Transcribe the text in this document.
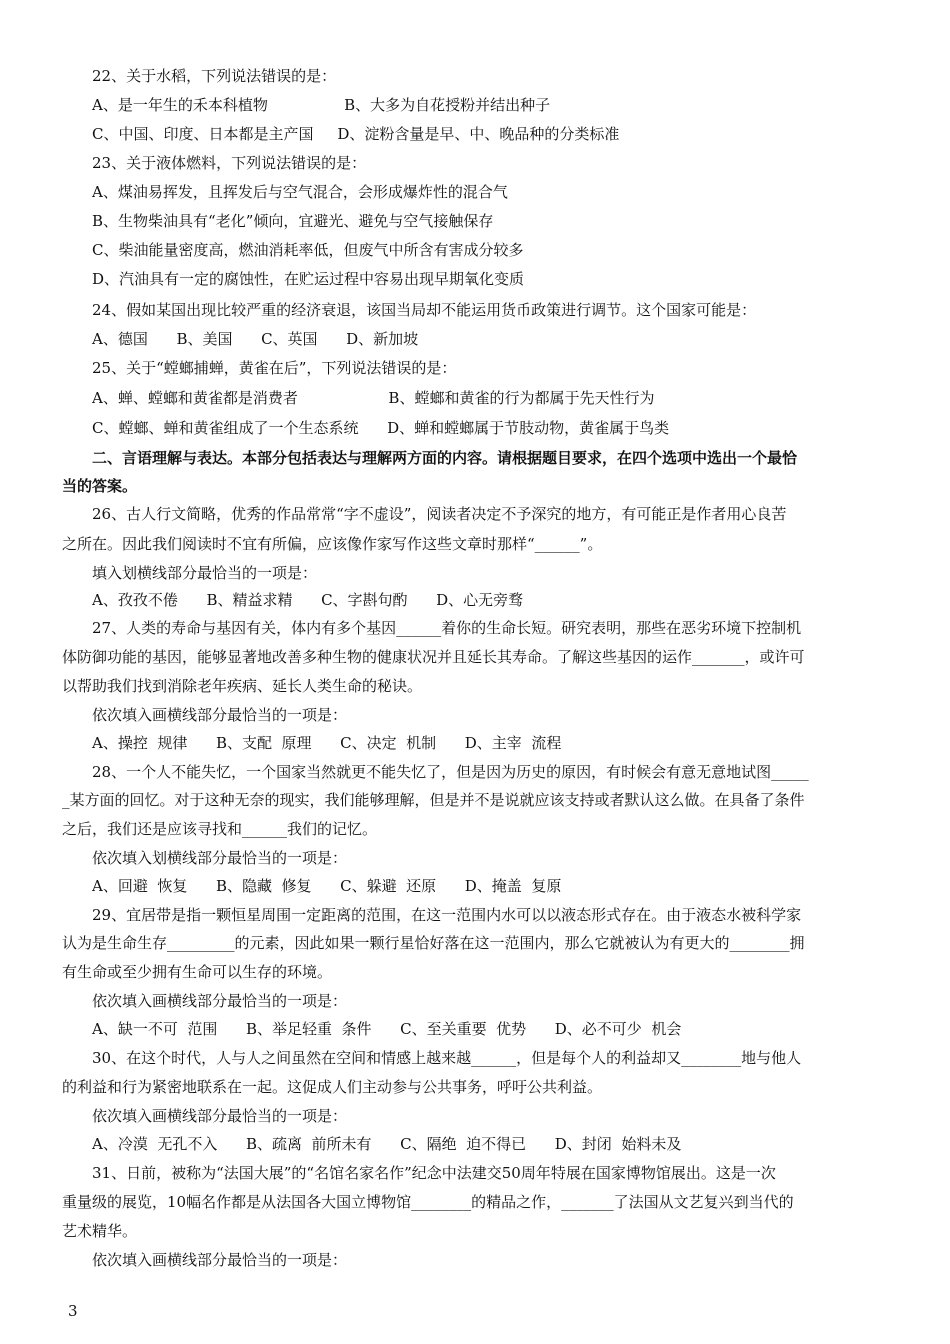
22、关于水稻，下列说法错误的是：
A、是一年生的禾本科植物                B、大多为自花授粉并结出种子
C、中国、印度、日本都是主产国     D、淀粉含量是早、中、晚品种的分类标准
23、关于液体燃料，下列说法错误的是：
A、煤油易挥发，且挥发后与空气混合，会形成爆炸性的混合气
B、生物柴油具有“老化”倾向，宜避光、避免与空气接触保存
C、柴油能量密度高，燃油消耗率低，但废气中所含有害成分较多
D、汽油具有一定的腐蚀性，在贮运过程中容易出现早期氧化变质
24、假如某国出现比较严重的经济衰退，该国当局却不能运用货币政策进行调节。这个国家可能是：
A、德国      B、美国      C、英国      D、新加坡
25、关于“螳螂捕蝉，黄雀在后”，下列说法错误的是：
A、蝉、螳螂和黄雀都是消费者                   B、螳螂和黄雀的行为都属于先天性行为
C、螳螂、蝉和黄雀组成了一个生态系统      D、蝉和螳螂属于节肢动物，黄雀属于鸟类
二、言语理解与表达。本部分包括表达与理解两方面的内容。请根据题目要求，在四个选项中选出一个最恰
当的答案。
26、古人行文简略，优秀的作品常常“字不虚设”，阅读者决定不予深究的地方，有可能正是作者用心良苦
之所在。因此我们阅读时不宜有所偏，应该像作家写作这些文章时那样“______”。
填入划横线部分最恰当的一项是：
A、孜孜不倦      B、精益求精      C、字斟句酌      D、心无旁骛
27、人类的寿命与基因有关，体内有多个基因______着你的生命长短。研究表明，那些在恶劣环境下控制机
体防御功能的基因，能够显著地改善多种生物的健康状况并且延长其寿命。了解这些基因的运作_______，或许可
以帮助我们找到消除老年疾病、延长人类生命的秘诀。
依次填入画横线部分最恰当的一项是：
A、操控  规律      B、支配  原理      C、决定  机制      D、主宰  流程
28、一个人不能失忆，一个国家当然就更不能失忆了，但是因为历史的原因，有时候会有意无意地试图_____
_某方面的回忆。对于这种无奈的现实，我们能够理解，但是并不是说就应该支持或者默认这么做。在具备了条件
之后，我们还是应该寻找和______我们的记忆。
依次填入划横线部分最恰当的一项是：
A、回避  恢复      B、隐藏  修复      C、躲避  还原      D、掩盖  复原
29、宜居带是指一颗恒星周围一定距离的范围，在这一范围内水可以以液态形式存在。由于液态水被科学家
认为是生命生存_________的元素，因此如果一颗行星恰好落在这一范围内，那么它就被认为有更大的________拥
有生命或至少拥有生命可以生存的环境。
依次填入画横线部分最恰当的一项是：
A、缺一不可  范围      B、举足轻重  条件      C、至关重要  优势      D、必不可少  机会
30、在这个时代，人与人之间虽然在空间和情感上越来越______，但是每个人的利益却又________地与他人
的利益和行为紧密地联系在一起。这促成人们主动参与公共事务，呼吁公共利益。
依次填入画横线部分最恰当的一项是：
A、冷漠  无孔不入      B、疏离  前所未有      C、隔绝  迫不得已      D、封闭  始料未及
31、日前，被称为“法国大展”的“名馆名家名作”纪念中法建交50周年特展在国家博物馆展出。这是一次
重量级的展览，10幅名作都是从法国各大国立博物馆________的精品之作，_______了法国从文艺复兴到当代的
艺术精华。
依次填入画横线部分最恰当的一项是：
3
